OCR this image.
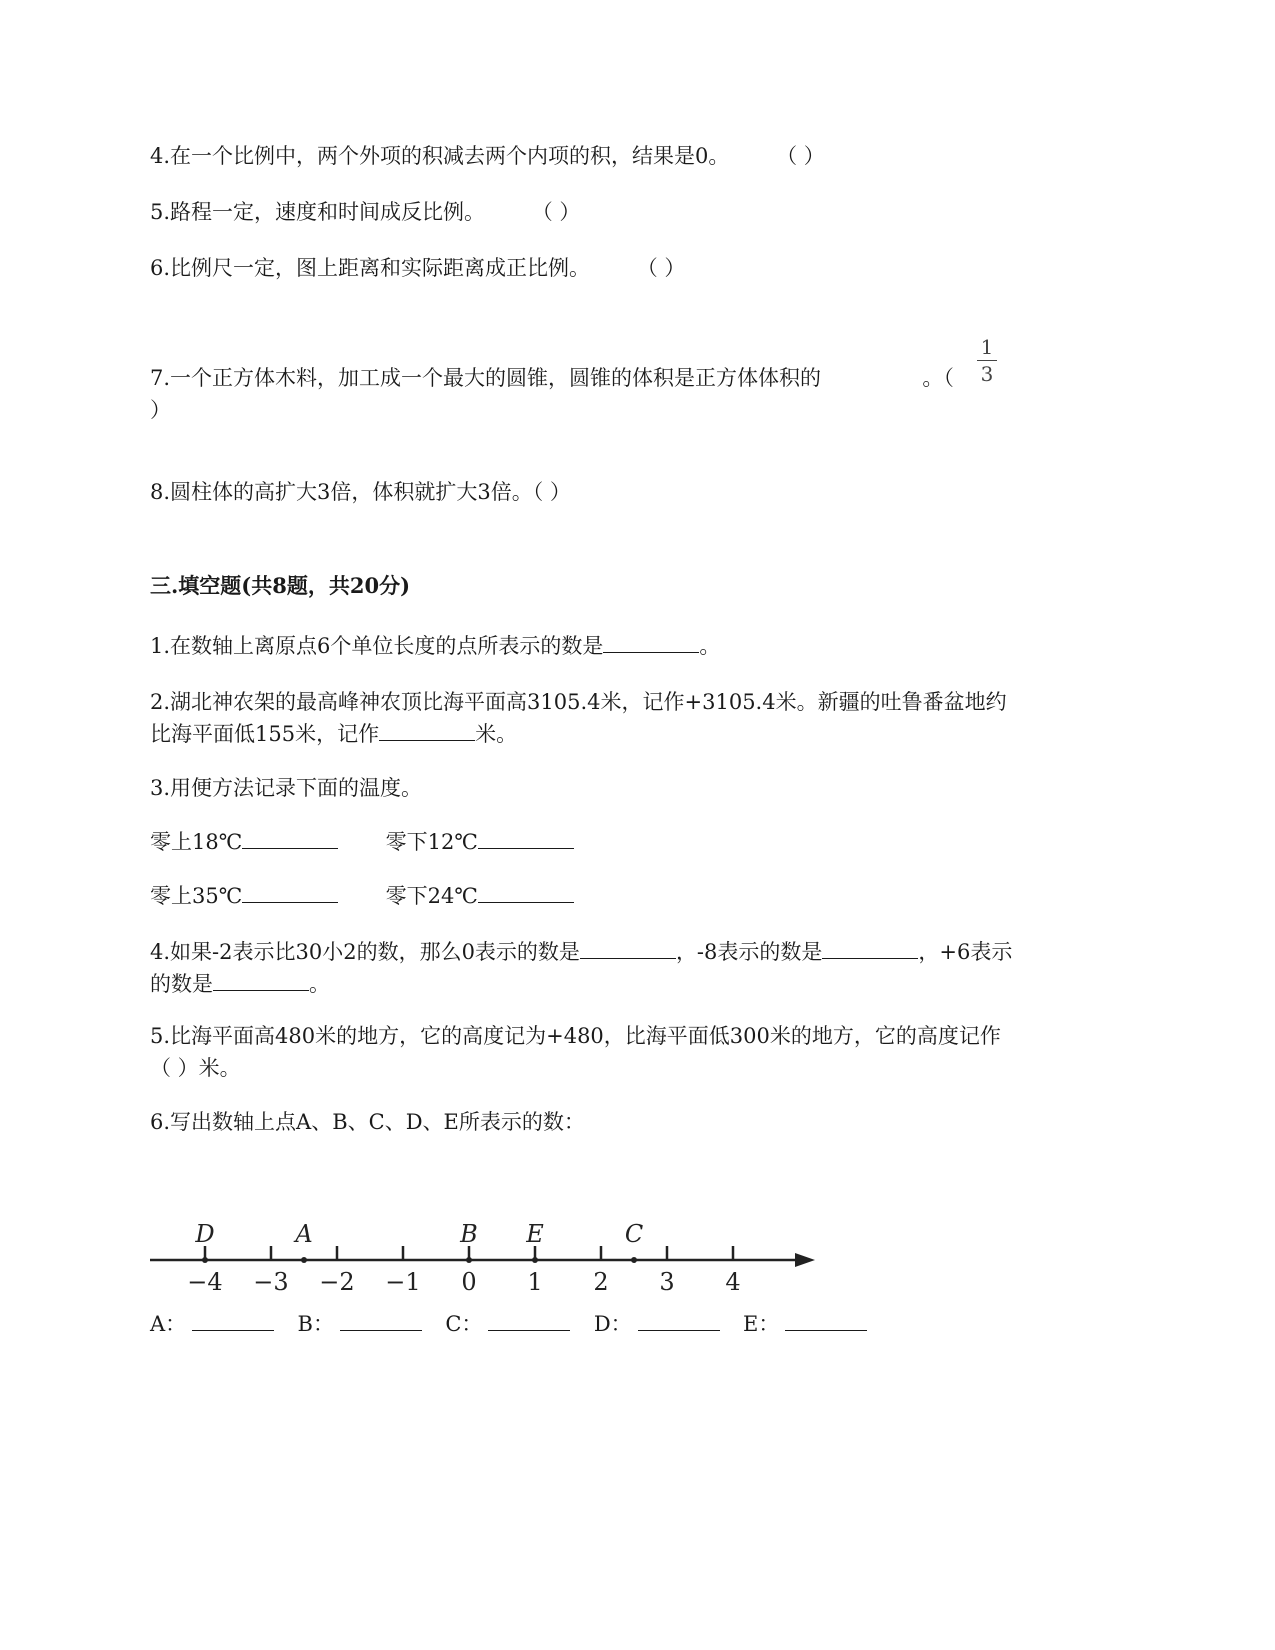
4.在一个比例中，两个外项的积减去两个内项的积，结果是0。 （ ）
5.路程一定，速度和时间成反比例。 （ ）
6.比例尺一定，图上距离和实际距离成正比例。 （ ）
1
3
7.一个正方体木料，加工成一个最大的圆锥，圆锥的体积是正方体体积的	。（
）
8.圆柱体的高扩大3倍，体积就扩大3倍。（ ）
三.填空题(共8题，共20分)
1.在数轴上离原点6个单位长度的点所表示的数是	。
2.湖北神农架的最高峰神农顶比海平面高3105.4米，记作+3105.4米。新疆的吐鲁番盆地约
比海平面低155米，记作	米。
3.用便方法记录下面的温度。
零上18℃	零下12℃
零上35℃	零下24℃
4.如果-2表示比30小2的数，那么0表示的数是	，-8表示的数是	，+6表示
的数是	。
5.比海平面高480米的地方，它的高度记为+480，比海平面低300米的地方，它的高度记作
（ ）米。
6.写出数轴上点A、B、C、D、E所表示的数：
−4 −3 −2 −1 0 1 2 3 4
D	A	B E	C
A：	B：	C：	D：	E：
